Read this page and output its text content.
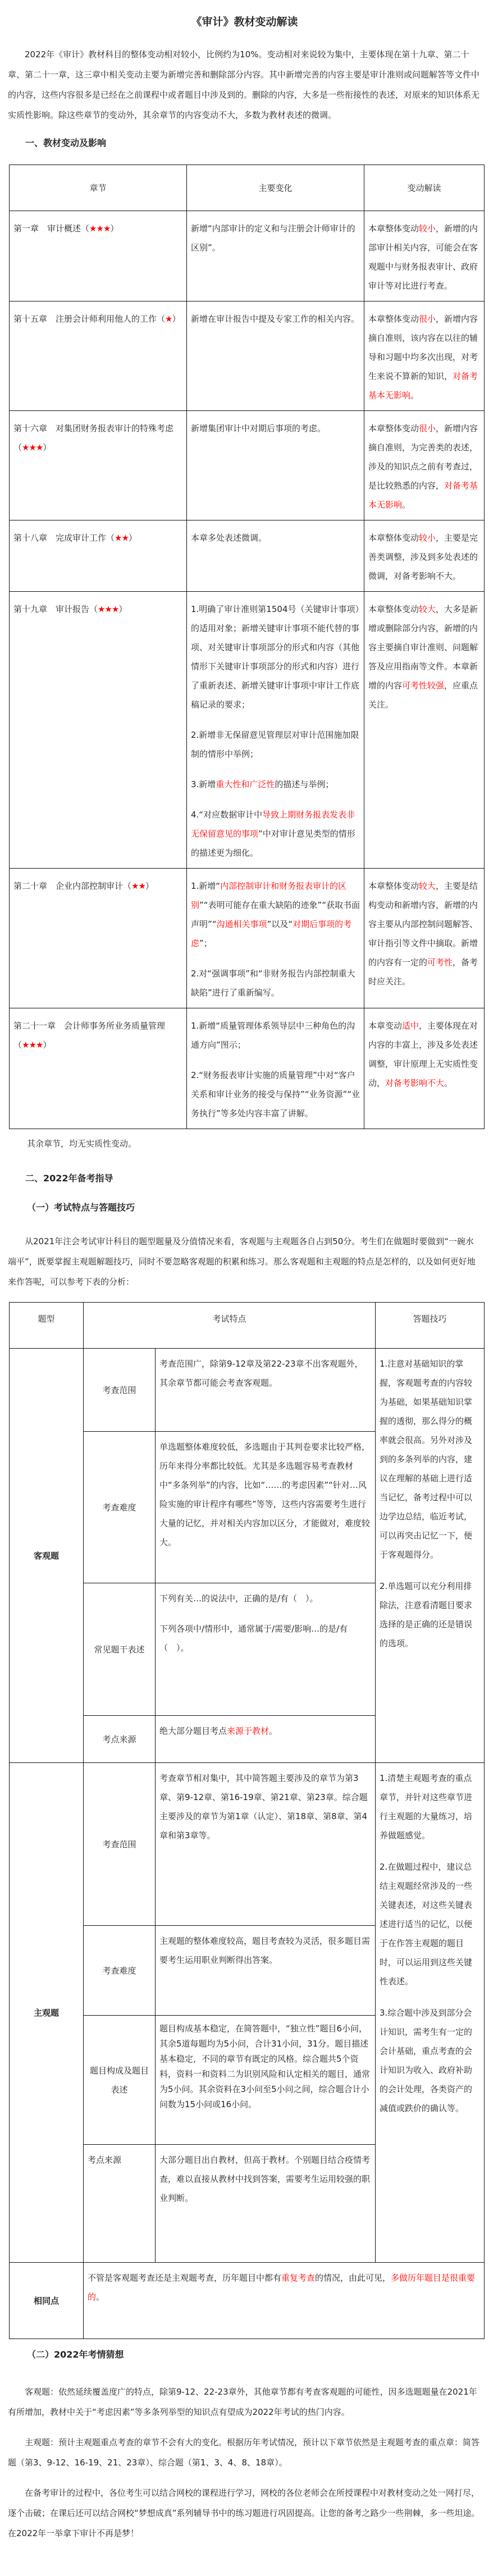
《审计》教材变动解读

2022年《审计》教材科目的整体变动相对较小，比例约为10%。变动相对来说较为集中，主要体现在第十九章、第二十章、第二十一章，这三章中相关变动主要为新增完善和删除部分内容。其中新增完善的内容主要是审计准则或问题解答等文件中的内容，这些内容很多是已经在之前课程中或者题目中涉及到的。删除的内容，大多是一些衔接性的表述，对原来的知识体系无实质性影响。除这些章节的变动外，其余章节的内容变动不大，多数为教材表述的微调。

一、教材变动及影响
章节	主要变化	变动解读
第一章　审计概述（★★★）	新增“内部审计的定义和与注册会计师审计的区别”。	本章整体变动较小，新增的内部审计相关内容，可能会在客观题中与财务报表审计、政府审计等对比进行考查。
第十五章　注册会计师利用他人的工作（★）	新增在审计报告中提及专家工作的相关内容。	本章整体变动很小，新增内容摘自准则，该内容在以往的辅导和习题中均多次出现，对考生来说不算新的知识，对备考基本无影响。
第十六章　对集团财务报表审计的特殊考虑（★★★）	新增集团审计中对期后事项的考虑。	本章整体变动很小，新增内容摘自准则，为完善类的表述，涉及的知识点之前有考查过，是比较熟悉的内容，对备考基本无影响。
第十八章　完成审计工作（★★）	本章多处表述微调。	本章整体变动较小，主要是完善类调整，涉及到多处表述的微调，对备考影响不大。
第十九章　审计报告（★★★）	1.明确了审计准则第1504号（关键审计事项）的适用对象；新增关键审计事项不能代替的事项、对关键审计事项部分的形式和内容（其他情形下关键审计事项部分的形式和内容）进行了重新表述、新增关键审计事项中审计工作底稿记录的要求；

2.新增非无保留意见管理层对审计范围施加限制的情形中举例；

3.新增重大性和广泛性的描述与举例；

4.“对应数据审计中导致上期财务报表发表非无保留意见的事项”中对审计意见类型的情形的描述更为细化。	本章整体变动较大，大多是新增或删除部分内容，新增的内容主要摘自审计准则、问题解答及应用指南等文件。本章新增的内容可考性较强，应重点关注。
第二十章　企业内部控制审计（★★）	1.新增“内部控制审计和财务报表审计的区别”“表明可能存在重大缺陷的迹象”“获取书面声明”“沟通相关事项”以及“对期后事项的考虑”；

2.对“强调事项”和“非财务报告内部控制重大缺陷”进行了重新编写。	本章整体变动较大，主要是结构变动和新增内容，新增的内容主要从内部控制问题解答、审计指引等文件中摘取。新增的内容有一定的可考性，备考时应关注。
第二十一章　会计师事务所业务质量管理（★★★）	1.新增“质量管理体系领导层中三种角色的沟通方向”图示；

2.“财务报表审计实施的质量管理”中对“客户关系和审计业务的接受与保持”“业务资源”“业务执行”等多处内容丰富了讲解。	本章变动适中，主要体现在对内容的丰富上，涉及多处表述调整，审计原理上无实质性变动，对备考影响不大。
其余章节，均无实质性变动。
二、2022年备考指导
（一）考试特点与答题技巧

从2021年注会考试审计科目的题型题量及分值情况来看，客观题与主观题各自占到50分。考生们在做题时要做到“一碗水端平”，既要掌握主观题解题技巧，同时不要忽略客观题的积累和练习。那么客观题和主观题的特点是怎样的，以及如何更好地来作答呢，可以参考下表的分析：

题型	考试特点		答题技巧
客观题	考查范围	考查范围广，除第9-12章及第22-23章不出客观题外，其余章节都可能会考查客观题。	1.注意对基础知识的掌握，客观题考查的内容较为基础，如果基础知识掌握的透彻，那么得分的概率就会很高。另外对涉及到的多条列举的内容，建议在理解的基础上进行适当记忆，备考过程中可以边学边总结，临近考试，可以再突击记忆一下，便于客观题得分。

2.单选题可以充分利用排除法，注意看清题目要求选择的是正确的还是错误的选项。

	考查难度	单选题整体难度较低，多选题由于其判卷要求比较严格，历年来得分率都比较低。尤其是多选题容易考查教材中“多条列举”的内容，比如“……的考虑因素”“针对…风险实施的审计程序有哪些”等等，这些内容需要考生进行大量的记忆，并对相关内容加以区分，才能做对，难度较大。	

	常见题干表述	下列有关…的说法中，正确的是/有（　）。

下列各项中/情形中，通常属于/需要/影响…的是/有（　）。	

	考点来源	绝大部分题目考点来源于教材。	

主观题	考查范围	考查章节相对集中，其中简答题主要涉及的章节为第3章、第9-12章、第16-19章、第21章、第23章。综合题主要涉及的章节为第1章（认定）、第18章、第8章、第4章和第3章等。	1.清楚主观题考查的重点章节，并针对这些章节进行主观题的大量练习，培养做题感觉。

2.在做题过程中，建议总结主观题经常涉及的一些关键表述，对这些关键表述进行适当的记忆，以便于在作答主观题的题目时，可以运用到这些关键性表述。

3.综合题中涉及到部分会计知识，需考生有一定的会计基础，重点考查的会计知识为收入、政府补助的会计处理，各类资产的减值或跌价的确认等。

	考查难度	主观题的整体难度较高，题目考查较为灵活，很多题目需要考生运用职业判断得出答案。	

	题目构成及题目表述	题目构成基本稳定，在简答题中，“独立性”题目6小问，其余5道每题均为5小问，合计31小问，31分。题目描述基本稳定，不同的章节有既定的风格。综合题共5个资料，资料一和资料二为识别风险和认定相关的题目，通常为5小问。其余资料在3小问至5小问之间，综合题合计小问数为15小问或16小问。	

	考点来源	大部分题目出自教材，但高于教材。个别题目结合疫情考查，难以直接从教材中找到答案，需要考生运用较强的职业判断。	

相同点	不管是客观题考查还是主观题考查，历年题目中都有重复考查的情况，由此可见，多做历年题目是很重要的。		
（二）2022年考情猜想

客观题：依然延续覆盖度广的特点，除第9-12、22-23章外，其他章节都有考查客观题的可能性，因多选题题量在2021年有所增加，教材中关于“考虑因素”等多条列举型的知识点有望成为2022年考试的热门内容。

主观题：预计主观题重点考查的章节不会有大的变化。根据历年考试情况，预计以下章节依然是主观题考查的重点章：简答题（第3、9-12、16-19、21、23章）、综合题（第1、3、4、8、18章）。

在备考审计的过程中，各位考生可以结合网校的课程进行学习，网校的各位老师会在所授课程中对教材变动之处一网打尽，逐个击破；在课后还可以结合网校“梦想成真”系列辅导书中的练习题进行巩固提高。让您的备考之路少一些荆棘，多一些坦途。在2022年一举拿下审计不再是梦！
